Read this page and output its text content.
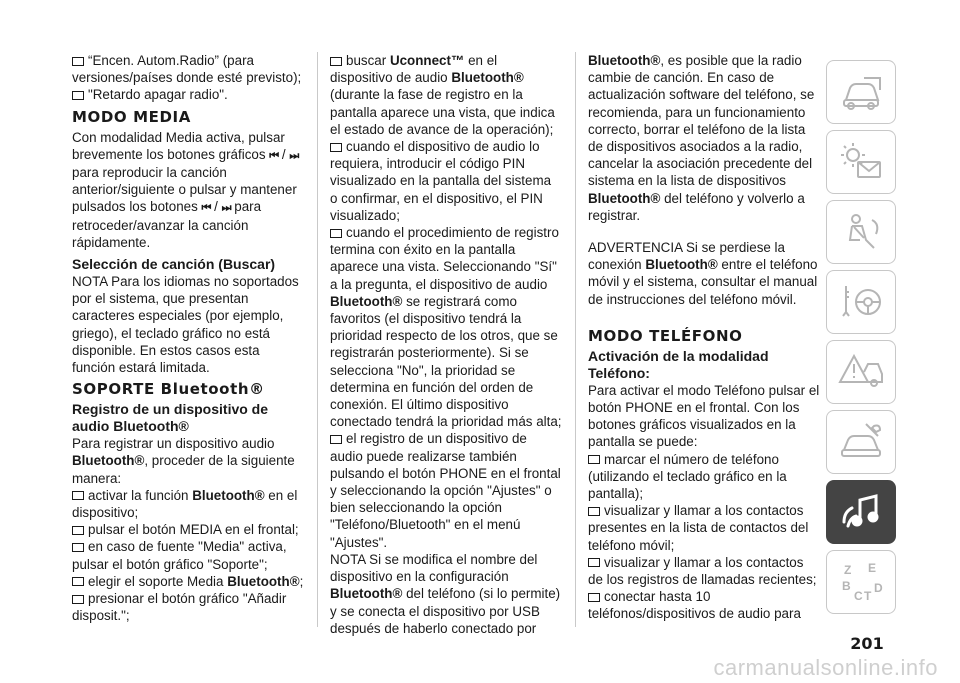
“Encen. Autom.Radio” (para versiones/países donde esté previsto);

"Retardo apagar radio".

MODO MEDIA

Con modalidad Media activa, pulsar brevemente los botones gráficos ⏮ / ⏭ para reproducir la canción anterior/siguiente o pulsar y mantener pulsados los botones ⏮ / ⏭ para retroceder/avanzar la canción rápidamente.

Selección de canción (Buscar)

NOTA Para los idiomas no soportados por el sistema, que presentan caracteres especiales (por ejemplo, griego), el teclado gráfico no está disponible. En estos casos esta función estará limitada.

SOPORTE Bluetooth®
Registro de un dispositivo de audio Bluetooth®

Para registrar un dispositivo audio Bluetooth®, proceder de la siguiente manera:

activar la función Bluetooth® en el dispositivo;

pulsar el botón MEDIA en el frontal;

en caso de fuente "Media" activa, pulsar el botón gráfico "Soporte";

elegir el soporte Media Bluetooth®;

presionar el botón gráfico "Añadir disposit.";

buscar Uconnect™ en el dispositivo de audio Bluetooth® (durante la fase de registro en la pantalla aparece una vista, que indica el estado de avance de la operación);

cuando el dispositivo de audio lo requiera, introducir el código PIN visualizado en la pantalla del sistema o confirmar, en el dispositivo, el PIN visualizado;

cuando el procedimiento de registro termina con éxito en la pantalla aparece una vista. Seleccionando "Sí" a la pregunta, el dispositivo de audio Bluetooth® se registrará como favoritos (el dispositivo tendrá la prioridad respecto de los otros, que se registrarán posteriormente). Si se selecciona "No", la prioridad se determina en función del orden de conexión. El último dispositivo conectado tendrá la prioridad más alta;

el registro de un dispositivo de audio puede realizarse también pulsando el botón PHONE en el frontal y seleccionando la opción "Ajustes" o bien seleccionando la opción "Teléfono/Bluetooth" en el menú "Ajustes".

NOTA Si se modifica el nombre del dispositivo en la configuración Bluetooth® del teléfono (si lo permite) y se conecta el dispositivo por USB después de haberlo conectado por

Bluetooth®, es posible que la radio cambie de canción. En caso de actualización software del teléfono, se recomienda, para un funcionamiento correcto, borrar el teléfono de la lista de dispositivos asociados a la radio, cancelar la asociación precedente del sistema en la lista de dispositivos Bluetooth® del teléfono y volverlo a registrar.

ADVERTENCIA Si se perdiese la conexión Bluetooth® entre el teléfono móvil y el sistema, consultar el manual de instrucciones del teléfono móvil.

MODO TELÉFONO
Activación de la modalidad Teléfono:

Para activar el modo Teléfono pulsar el botón PHONE en el frontal. Con los botones gráficos visualizados en la pantalla se puede:

marcar el número de teléfono (utilizando el teclado gráfico en la pantalla);

visualizar y llamar a los contactos presentes en la lista de contactos del teléfono móvil;

visualizar y llamar a los contactos de los registros de llamadas recientes;

conectar hasta 10 teléfonos/dispositivos de audio para

Z E
B
C T
D
201
carmanualsonline.info
